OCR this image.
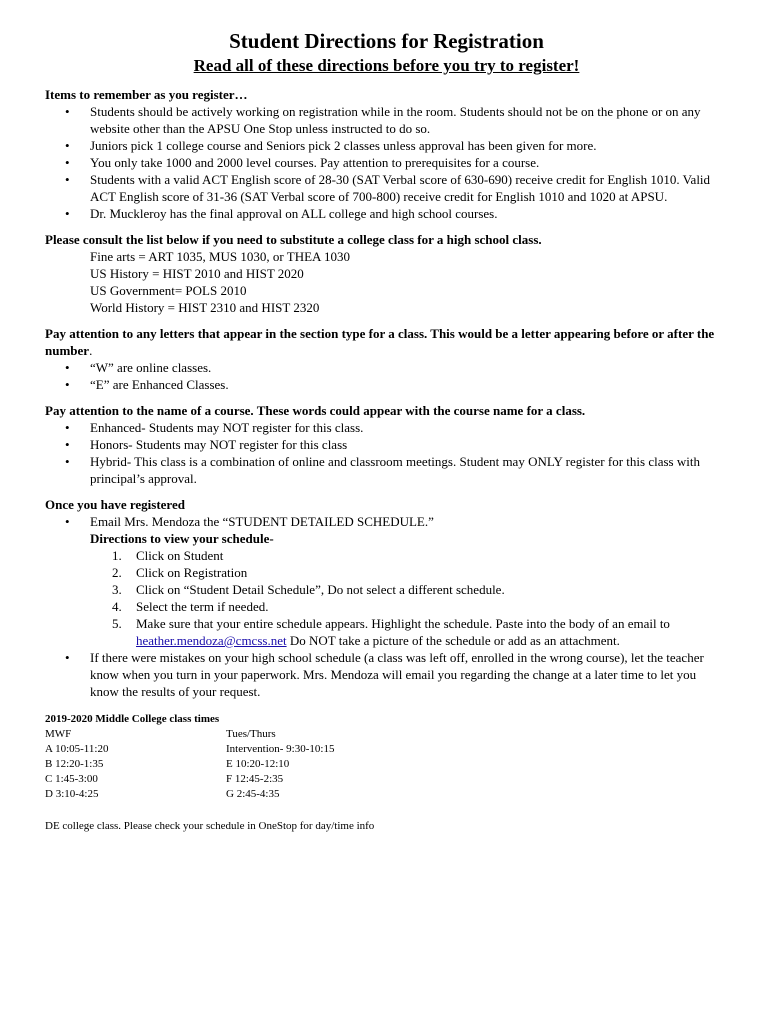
Student Directions for Registration
Read all of these directions before you try to register!
Items to remember as you register…
• Students should be actively working on registration while in the room. Students should not be on the phone or on any website other than the APSU One Stop unless instructed to do so.
• Juniors pick 1 college course and Seniors pick 2 classes unless approval has been given for more.
• You only take 1000 and 2000 level courses. Pay attention to prerequisites for a course.
• Students with a valid ACT English score of 28-30 (SAT Verbal score of 630-690) receive credit for English 1010. Valid ACT English score of 31-36 (SAT Verbal score of 700-800) receive credit for English 1010 and 1020 at APSU.
• Dr. Muckleroy has the final approval on ALL college and high school courses.
Please consult the list below if you need to substitute a college class for a high school class.
Fine arts = ART 1035, MUS 1030, or THEA 1030
US History = HIST 2010 and HIST 2020
US Government= POLS 2010
World History = HIST 2310 and HIST 2320
Pay attention to any letters that appear in the section type for a class. This would be a letter appearing before or after the number.
• “W” are online classes.
• “E” are Enhanced Classes.
Pay attention to the name of a course. These words could appear with the course name for a class.
• Enhanced- Students may NOT register for this class.
• Honors- Students may NOT register for this class
• Hybrid- This class is a combination of online and classroom meetings. Student may ONLY register for this class with principal’s approval.
Once you have registered
• Email Mrs. Mendoza the “STUDENT DETAILED SCHEDULE.”
Directions to view your schedule-
1. Click on Student
2. Click on Registration
3. Click on “Student Detail Schedule”, Do not select a different schedule.
4. Select the term if needed.
5. Make sure that your entire schedule appears. Highlight the schedule. Paste into the body of an email to heather.mendoza@cmcss.net Do NOT take a picture of the schedule or add as an attachment.
• If there were mistakes on your high school schedule (a class was left off, enrolled in the wrong course), let the teacher know when you turn in your paperwork. Mrs. Mendoza will email you regarding the change at a later time to let you know the results of your request.
2019-2020 Middle College class times
MWF
A 10:05-11:20
B 12:20-1:35
C 1:45-3:00
D 3:10-4:25
Tues/Thurs
Intervention- 9:30-10:15
E 10:20-12:10
F 12:45-2:35
G 2:45-4:35
DE college class. Please check your schedule in OneStop for day/time info
